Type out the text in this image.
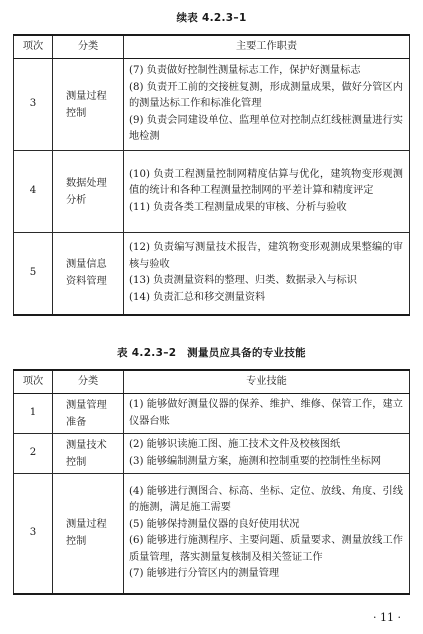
续表 4.2.3–1
项次	分类	主要工作职责
3	测量过程控制	(7) 负责做好控制性测量标志工作，保护好测量标志
(8) 负责开工前的交接桩复测，形成测量成果，做好分管区内的测量达标工作和标准化管理
(9) 负责会同建设单位、监理单位对控制点红线桩测量进行实地检测

4	数据处理分析	(10) 负责工程测量控制网精度估算与优化，建筑物变形观测值的统计和各种工程测量控制网的平差计算和精度评定
(11) 负责各类工程测量成果的审核、分析与验收

5	测量信息资料管理	(12) 负责编写测量技术报告，建筑物变形观测成果整编的审核与验收
(13) 负责测量资料的整理、归类、数据录入与标识
(14) 负责汇总和移交测量资料
表 4.2.3–2　测量员应具备的专业技能
项次	分类	专业技能
1	测量管理准备	(1) 能够做好测量仪器的保养、维护、维修、保管工作，建立仪器台账

2	测量技术控制	(2) 能够识读施工图、施工技术文件及校核图纸
(3) 能够编制测量方案，施测和控制重要的控制性坐标网

3	测量过程控制	(4) 能够进行测图合、标高、坐标、定位、放线、角度、引线的施测，满足施工需要
(5) 能够保持测量仪器的良好使用状况
(6) 能够进行施测程序、主要问题、质量要求、测量放线工作质量管理，落实测量复核制及相关签证工作
(7) 能够进行分管区内的测量管理
· 11 ·
